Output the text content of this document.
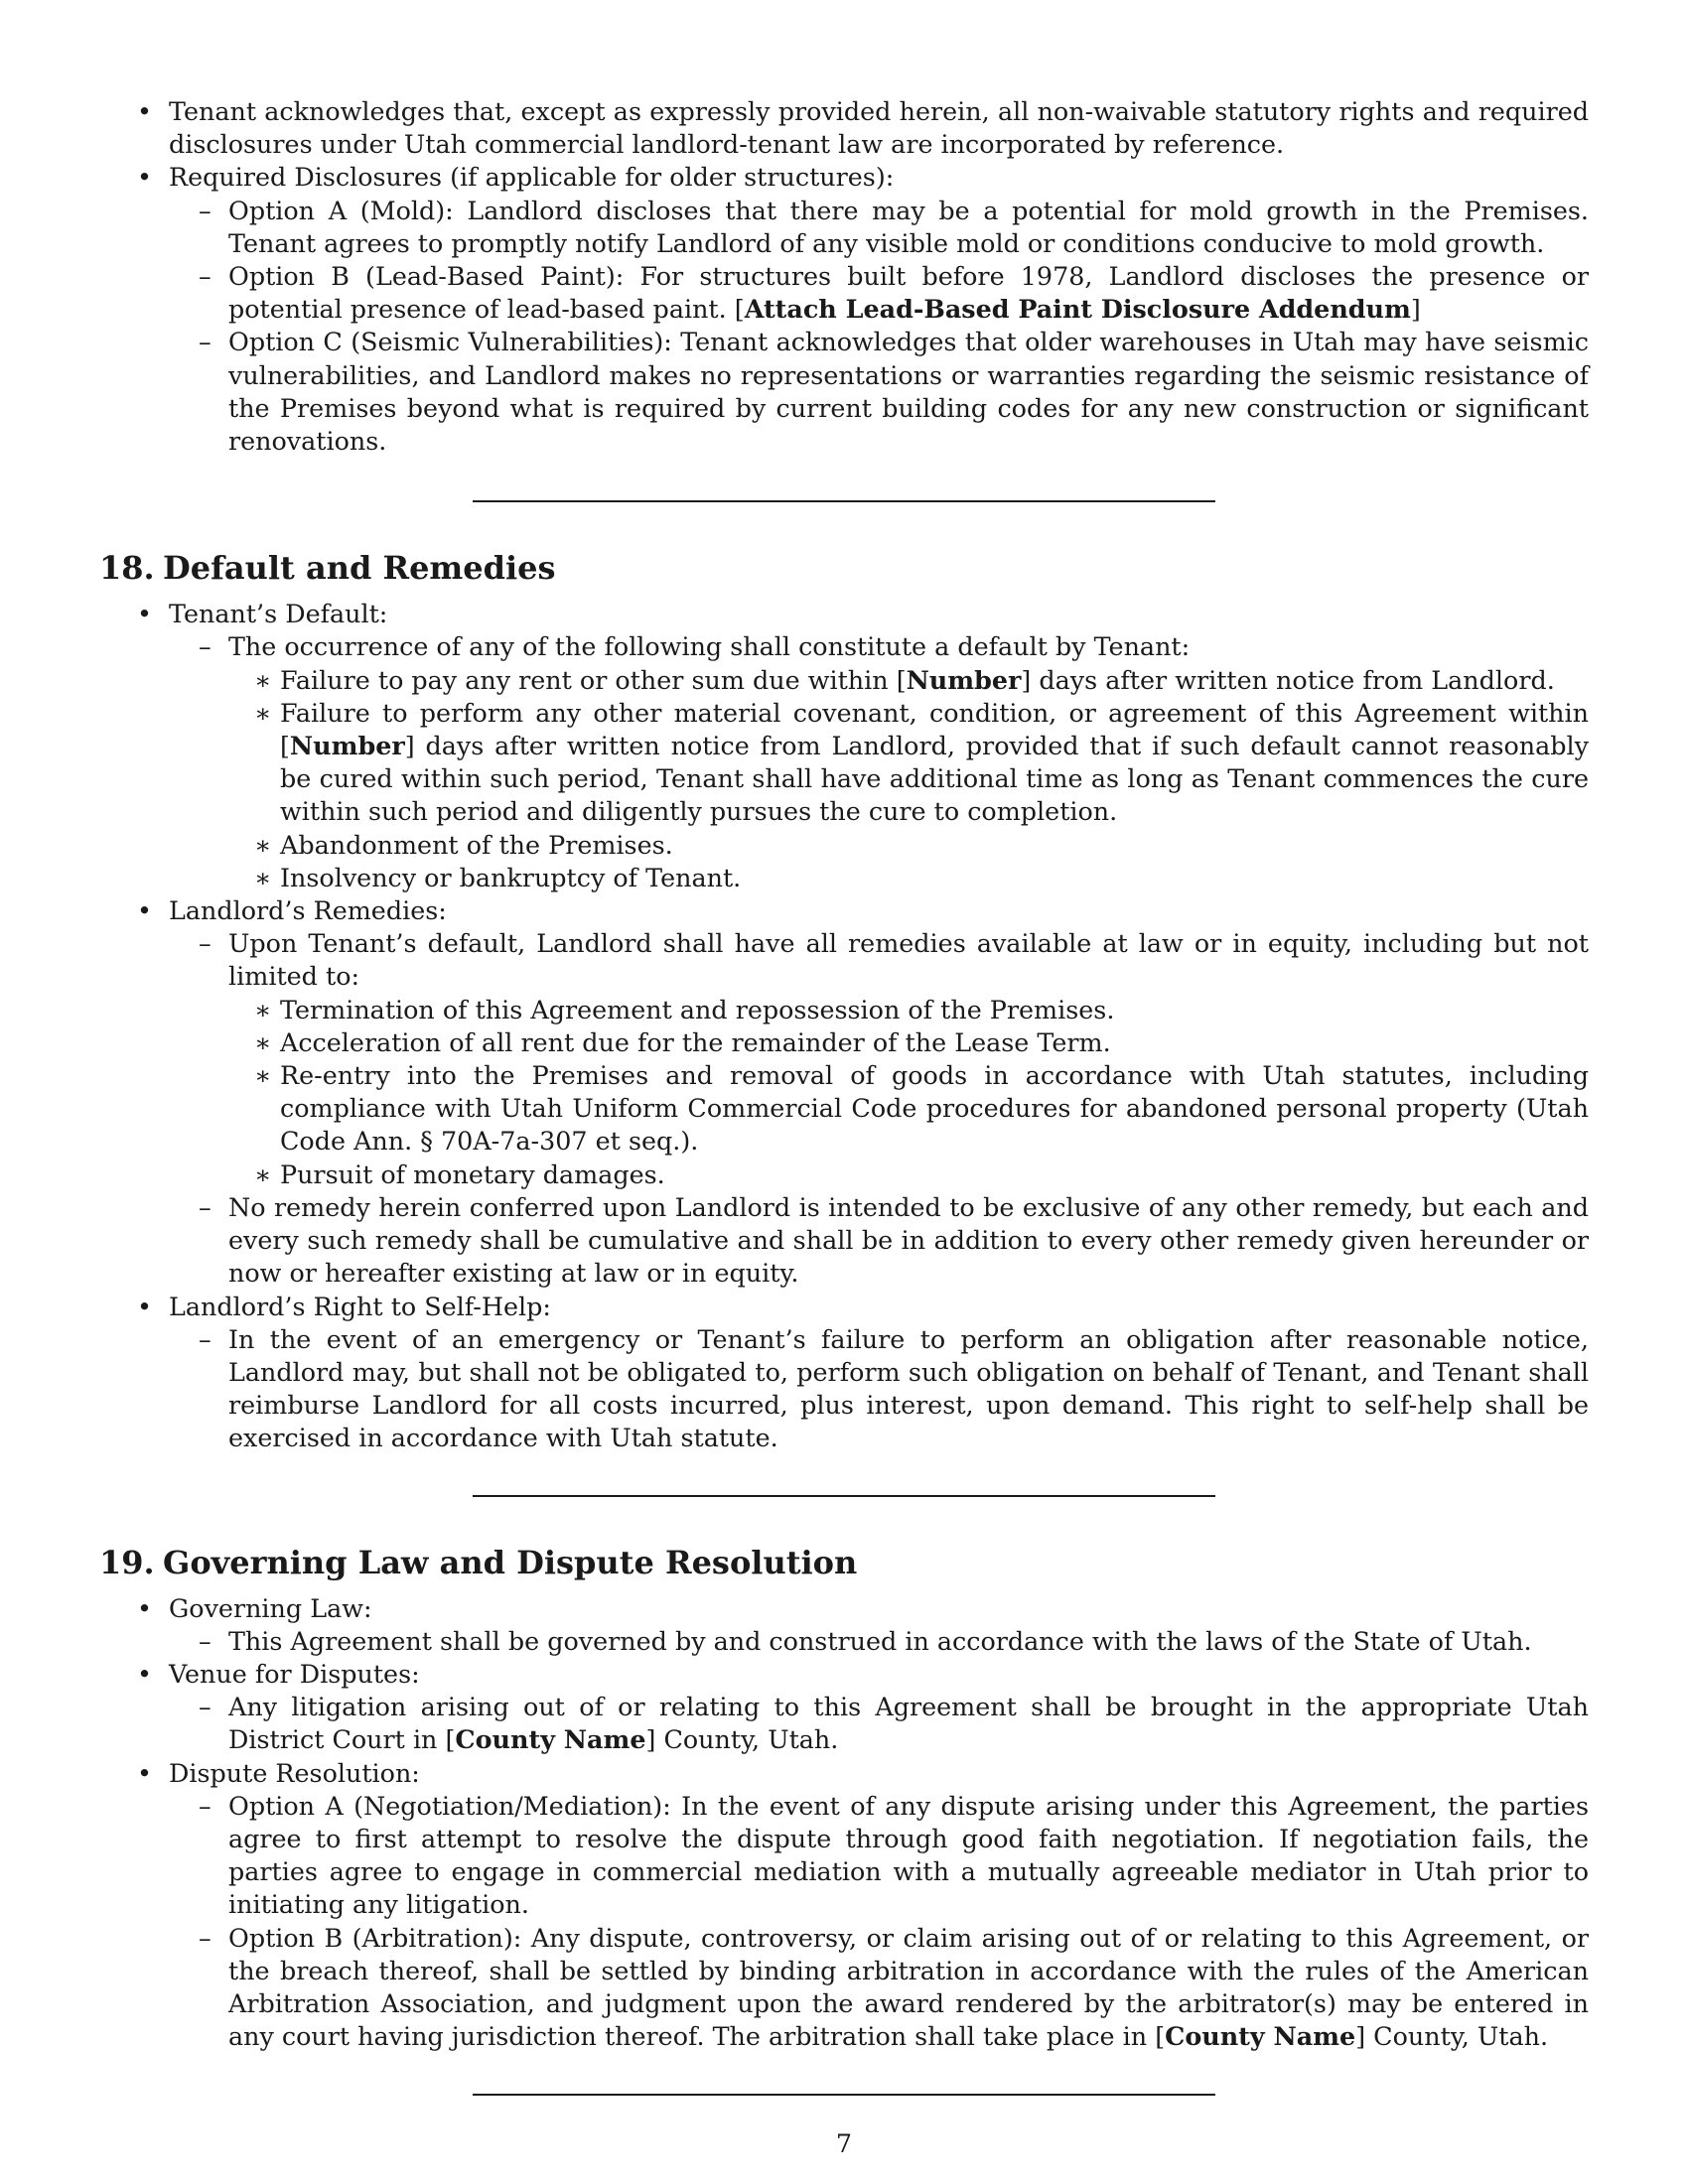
• Tenant acknowledges that, except as expressly provided herein, all non-waivable statutory rights and required disclosures under Utah commercial landlord-tenant law are incorporated by reference.
• Required Disclosures (if applicable for older structures):
– Option A (Mold): Landlord discloses that there may be a potential for mold growth in the Premises. Tenant agrees to promptly notify Landlord of any visible mold or conditions conducive to mold growth.
– Option B (Lead-Based Paint): For structures built before 1978, Landlord discloses the presence or potential presence of lead-based paint. [Attach Lead-Based Paint Disclosure Addendum]
– Option C (Seismic Vulnerabilities): Tenant acknowledges that older warehouses in Utah may have seismic vulnerabilities, and Landlord makes no representations or warranties regarding the seismic resistance of the Premises beyond what is required by current building codes for any new construction or significant renovations.
18. Default and Remedies
• Tenant’s Default:
– The occurrence of any of the following shall constitute a default by Tenant:
∗ Failure to pay any rent or other sum due within [Number] days after written notice from Landlord.
∗ Failure to perform any other material covenant, condition, or agreement of this Agreement within [Number] days after written notice from Landlord, provided that if such default cannot reasonably be cured within such period, Tenant shall have additional time as long as Tenant commences the cure within such period and diligently pursues the cure to completion.
∗ Abandonment of the Premises.
∗ Insolvency or bankruptcy of Tenant.
• Landlord’s Remedies:
– Upon Tenant’s default, Landlord shall have all remedies available at law or in equity, including but not limited to:
∗ Termination of this Agreement and repossession of the Premises.
∗ Acceleration of all rent due for the remainder of the Lease Term.
∗ Re-entry into the Premises and removal of goods in accordance with Utah statutes, including compliance with Utah Uniform Commercial Code procedures for abandoned personal property (Utah Code Ann. § 70A-7a-307 et seq.).
∗ Pursuit of monetary damages.
– No remedy herein conferred upon Landlord is intended to be exclusive of any other remedy, but each and every such remedy shall be cumulative and shall be in addition to every other remedy given hereunder or now or hereafter existing at law or in equity.
• Landlord’s Right to Self-Help:
– In the event of an emergency or Tenant’s failure to perform an obligation after reasonable notice, Landlord may, but shall not be obligated to, perform such obligation on behalf of Tenant, and Tenant shall reimburse Landlord for all costs incurred, plus interest, upon demand. This right to self-help shall be exercised in accordance with Utah statute.
19. Governing Law and Dispute Resolution
• Governing Law:
– This Agreement shall be governed by and construed in accordance with the laws of the State of Utah.
• Venue for Disputes:
– Any litigation arising out of or relating to this Agreement shall be brought in the appropriate Utah District Court in [County Name] County, Utah.
• Dispute Resolution:
– Option A (Negotiation/Mediation): In the event of any dispute arising under this Agreement, the parties agree to first attempt to resolve the dispute through good faith negotiation. If negotiation fails, the parties agree to engage in commercial mediation with a mutually agreeable mediator in Utah prior to initiating any litigation.
– Option B (Arbitration): Any dispute, controversy, or claim arising out of or relating to this Agreement, or the breach thereof, shall be settled by binding arbitration in accordance with the rules of the American Arbitration Association, and judgment upon the award rendered by the arbitrator(s) may be entered in any court having jurisdiction thereof. The arbitration shall take place in [County Name] County, Utah.
7
